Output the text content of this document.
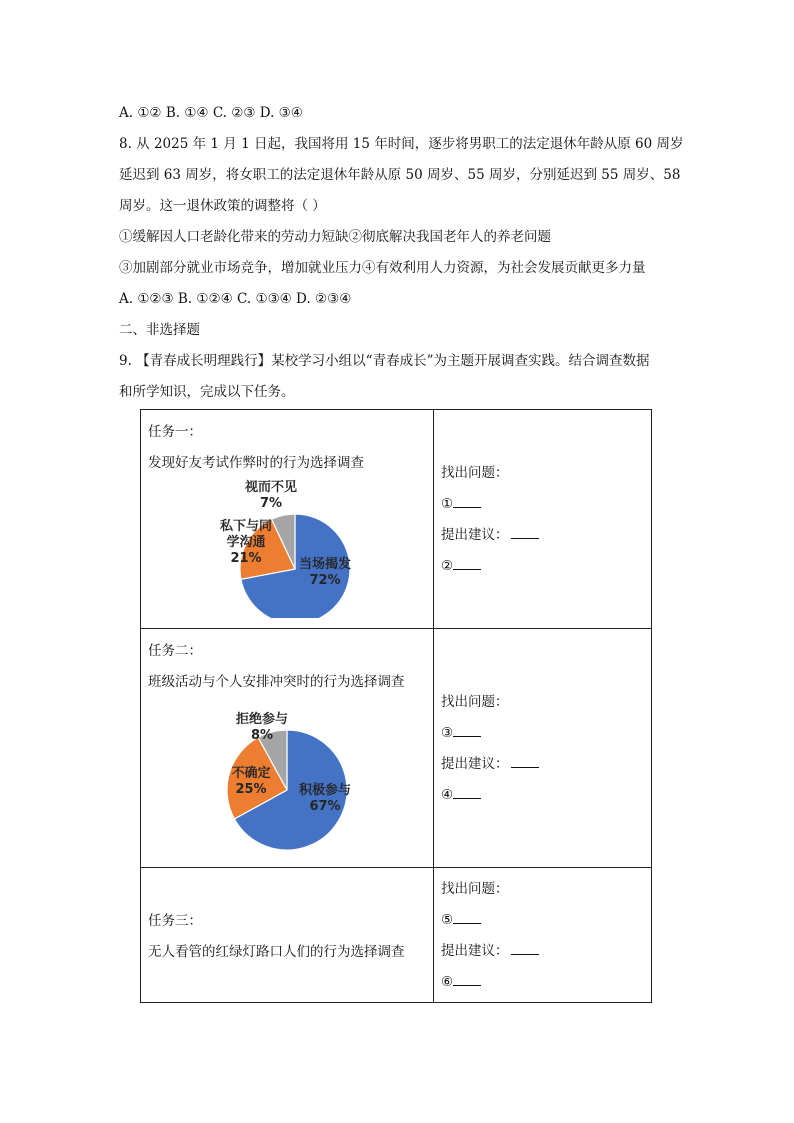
A. ①② B. ①④ C. ②③ D. ③④
8. 从 2025 年 1 月 1 日起，我国将用 15 年时间，逐步将男职工的法定退休年龄从原 60 周岁
延迟到 63 周岁，将女职工的法定退休年龄从原 50 周岁、55 周岁，分别延迟到 55 周岁、58
周岁。这一退休政策的调整将（ ）
①缓解因人口老龄化带来的劳动力短缺②彻底解决我国老年人的养老问题
③加剧部分就业市场竞争，增加就业压力④有效利用人力资源，为社会发展贡献更多力量
A. ①②③ B. ①②④ C. ①③④ D. ②③④
二、非选择题
9. 【青春成长明理践行】某校学习小组以“青春成长”为主题开展调查实践。结合调查数据
和所学知识，完成以下任务。
任务一：
发现好友考试作弊时的行为选择调查
当场揭发 72%
私下与同学沟通 21%
视而不见 7%
找出问题：
①
提出建议：
②
任务二：
班级活动与个人安排冲突时的行为选择调查
积极参与 67%
不确定 25%
拒绝参与 8%
找出问题：
③
提出建议：
④
任务三：
无人看管的红绿灯路口人们的行为选择调查
找出问题：
⑤
提出建议：
⑥
